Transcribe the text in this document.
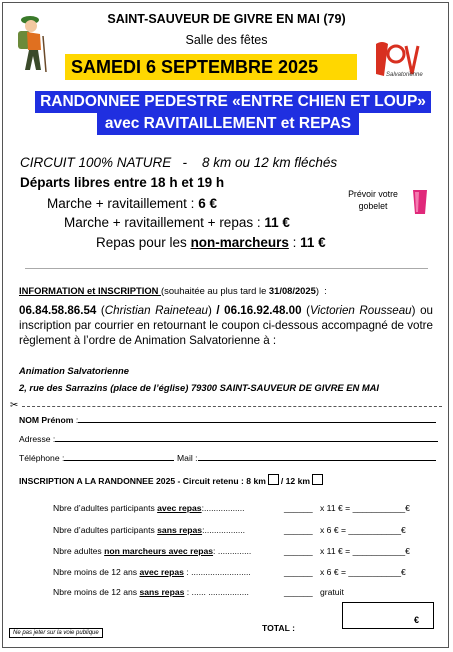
SAINT-SAUVEUR DE GIVRE EN MAI (79)
Salle des fêtes
SAMEDI 6 SEPTEMBRE 2025	Salvatorienne
RANDONNEE PEDESTRE «ENTRE CHIEN ET LOUP»
avec RAVITAILLEMENT et REPAS
CIRCUIT 100% NATURE   -    8 km ou 12 km fléchés
Départs libres entre 18 h et 19 h
Marche + ravitaillement : 6 €
Marche + ravitaillement + repas : 11 €
Repas pour les non-marcheurs : 11 €
Prévoir votre gobelet
INFORMATION et INSCRIPTION (souhaitée au plus tard le 31/08/2025)  :
06.84.58.86.54 (Christian Raineteau) / 06.16.92.48.00 (Victorien Rousseau) ou inscription par courrier en retournant le coupon ci-dessous accompagné de votre règlement à l’ordre de Animation Salvatorienne à :
Animation Salvatorienne
2, rue des Sarrazins (place de l’église) 79300 SAINT-SAUVEUR DE GIVRE EN MAI
✂
NOM Prénom :
Adresse :
Téléphone :	Mail :
INSCRIPTION A LA RANDONNEE 2025 - Circuit retenu : 8 km / 12 km
Nbre d’adultes participants avec repas:.................	______ x 11 € = ___________€
Nbre d’adultes participants sans repas:.................	______ x 6 € = ___________€
Nbre adultes non marcheurs avec repas: ..............	______ x 11 € = ___________€
Nbre moins de 12 ans avec repas : .........................	______ x 6 € = ___________€
Nbre moins de 12 ans sans repas : ...... .................	______ gratuit
TOTAL :
€
Ne pas jeter sur la voie publique
